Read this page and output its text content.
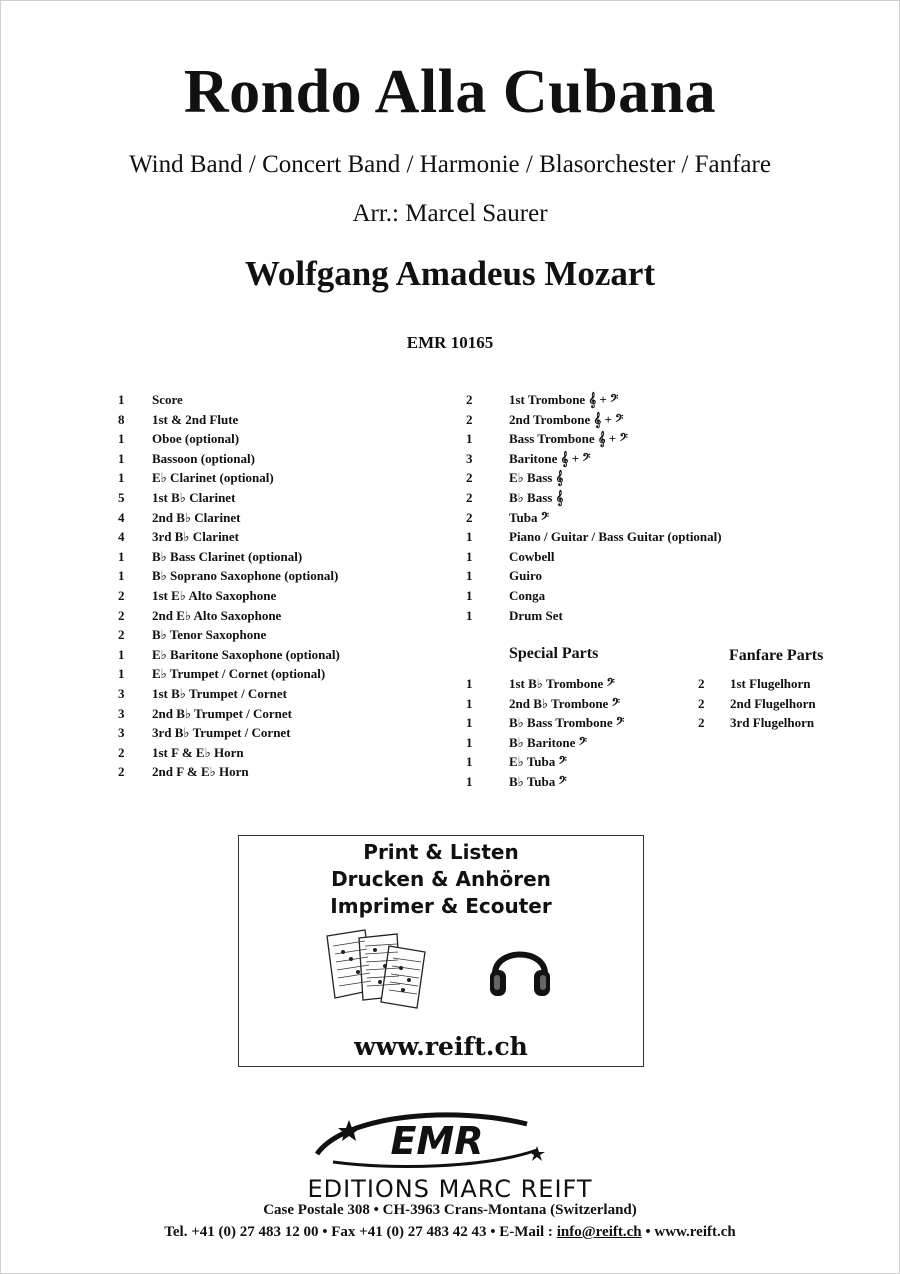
Rondo Alla Cubana
Wind Band / Concert Band / Harmonie / Blasorchester / Fanfare
Arr.: Marcel Saurer
Wolfgang Amadeus Mozart
EMR 10165
1	Score
8	1st & 2nd Flute
1	Oboe (optional)
1	Bassoon (optional)
1	E♭ Clarinet (optional)
5	1st B♭ Clarinet
4	2nd B♭ Clarinet
4	3rd B♭ Clarinet
1	B♭ Bass Clarinet (optional)
1	B♭ Soprano Saxophone (optional)
2	1st E♭ Alto Saxophone
2	2nd E♭ Alto Saxophone
2	B♭ Tenor Saxophone
1	E♭ Baritone Saxophone (optional)
1	E♭ Trumpet / Cornet (optional)
3	1st B♭ Trumpet / Cornet
3	2nd B♭ Trumpet / Cornet
3	3rd B♭ Trumpet / Cornet
2	1st F & E♭ Horn
2	2nd F & E♭ Horn
2	1st Trombone 𝄞 + 𝄢
2	2nd Trombone 𝄞 + 𝄢
1	Bass Trombone 𝄞 + 𝄢
3	Baritone 𝄞 + 𝄢
2	E♭ Bass 𝄞
2	B♭ Bass 𝄞
2	Tuba 𝄢
1	Piano / Guitar / Bass Guitar (optional)
1	Cowbell
1	Guiro
1	Conga
1	Drum Set
Special Parts	Fanfare Parts
1	1st B♭ Trombone 𝄢
1	2nd B♭ Trombone 𝄢
1	B♭ Bass Trombone 𝄢
1	B♭ Baritone 𝄢
1	E♭ Tuba 𝄢
1	B♭ Tuba 𝄢
2	1st Flugelhorn
2	2nd Flugelhorn
2	3rd Flugelhorn
Print & Listen
Drucken & Anhören
Imprimer & Ecouter
www.reift.ch
EMR
EDITIONS MARC REIFT
Case Postale 308 • CH-3963 Crans-Montana (Switzerland)
Tel. +41 (0) 27 483 12 00 • Fax +41 (0) 27 483 42 43 • E-Mail : info@reift.ch • www.reift.ch
